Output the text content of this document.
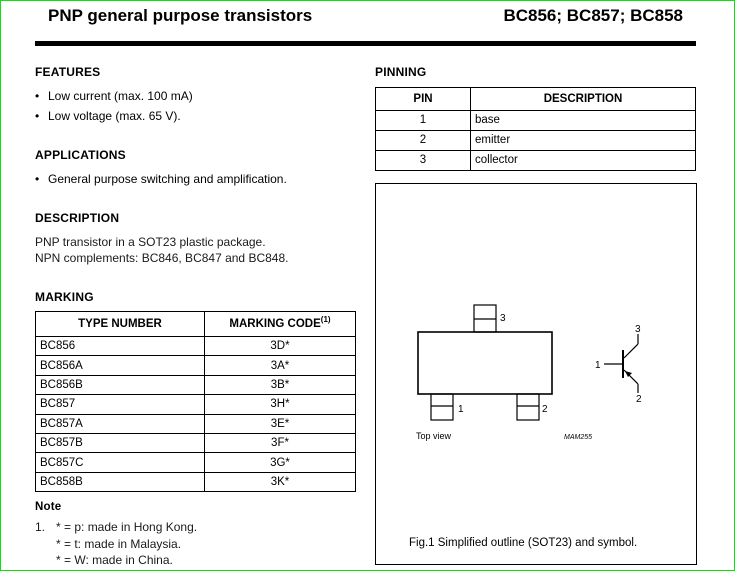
PNP general purpose transistors	BC856; BC857; BC858
FEATURES
• Low current (max. 100 mA)
• Low voltage (max. 65 V).
APPLICATIONS
• General purpose switching and amplification.
DESCRIPTION
PNP transistor in a SOT23 plastic package.
NPN complements: BC846, BC847 and BC848.
MARKING
TYPE NUMBER	MARKING CODE$^{(1)}$
BC856	3D*
BC856A	3A*
BC856B	3B*
BC857	3H*
BC857A	3E*
BC857B	3F*
BC857C	3G*
BC858B	3K*
Note
1. * = p: made in Hong Kong.
* = t: made in Malaysia.
* = W: made in China.
PINNING
PIN	DESCRIPTION
1	base
2	emitter
3	collector
3
1	2
Top view	MAM255
1
2
3
Fig.1 Simplified outline (SOT23) and symbol.
